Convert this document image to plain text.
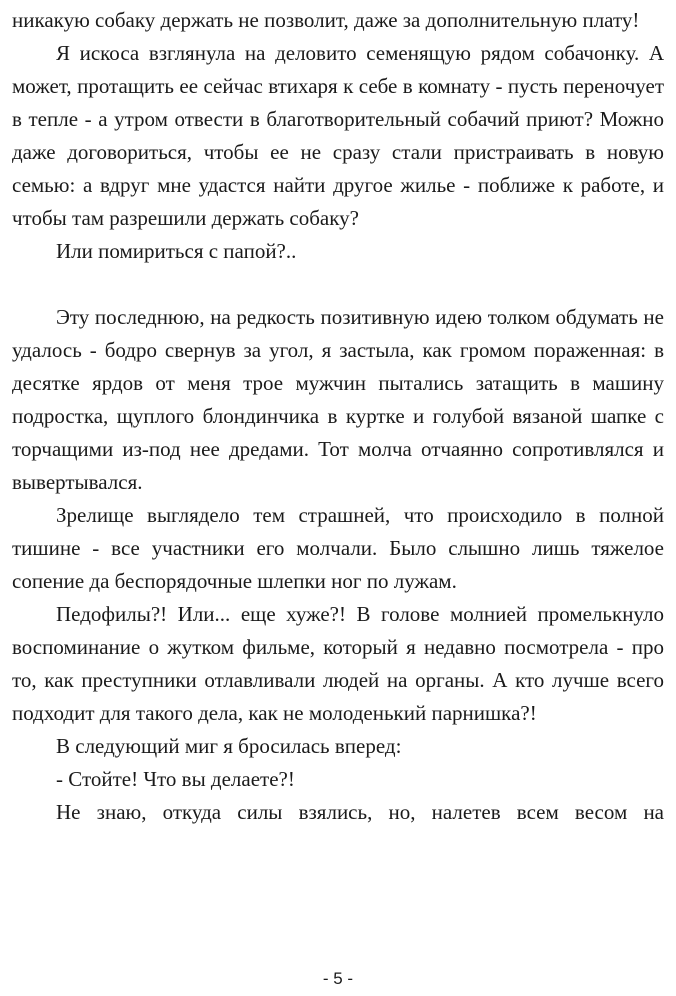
никакую собаку держать не позволит, даже за дополнительную плату!

Я искоса взглянула на деловито семенящую рядом собачонку. А может, протащить ее сейчас втихаря к себе в комнату - пусть переночует в тепле - а утром отвести в благотворительный собачий приют? Можно даже договориться, чтобы ее не сразу стали пристраивать в новую семью: а вдруг мне удастся найти другое жилье - поближе к работе, и чтобы там разрешили держать собаку?

Или помириться с папой?..

Эту последнюю, на редкость позитивную идею толком обдумать не удалось - бодро свернув за угол, я застыла, как громом пораженная: в десятке ярдов от меня трое мужчин пытались затащить в машину подростка, щуплого блондинчика в куртке и голубой вязаной шапке с торчащими из-под нее дредами. Тот молча отчаянно сопротивлялся и вывертывался.

Зрелище выглядело тем страшней, что происходило в полной тишине - все участники его молчали. Было слышно лишь тяжелое сопение да беспорядочные шлепки ног по лужам.

Педофилы?! Или... еще хуже?! В голове молнией промелькнуло воспоминание о жутком фильме, который я недавно посмотрела - про то, как преступники отлавливали людей на органы. А кто лучше всего подходит для такого дела, как не молоденький парнишка?!

В следующий миг я бросилась вперед:

- Стойте! Что вы делаете?!

Не знаю, откуда силы взялись, но, налетев всем весом на

- 5 -
